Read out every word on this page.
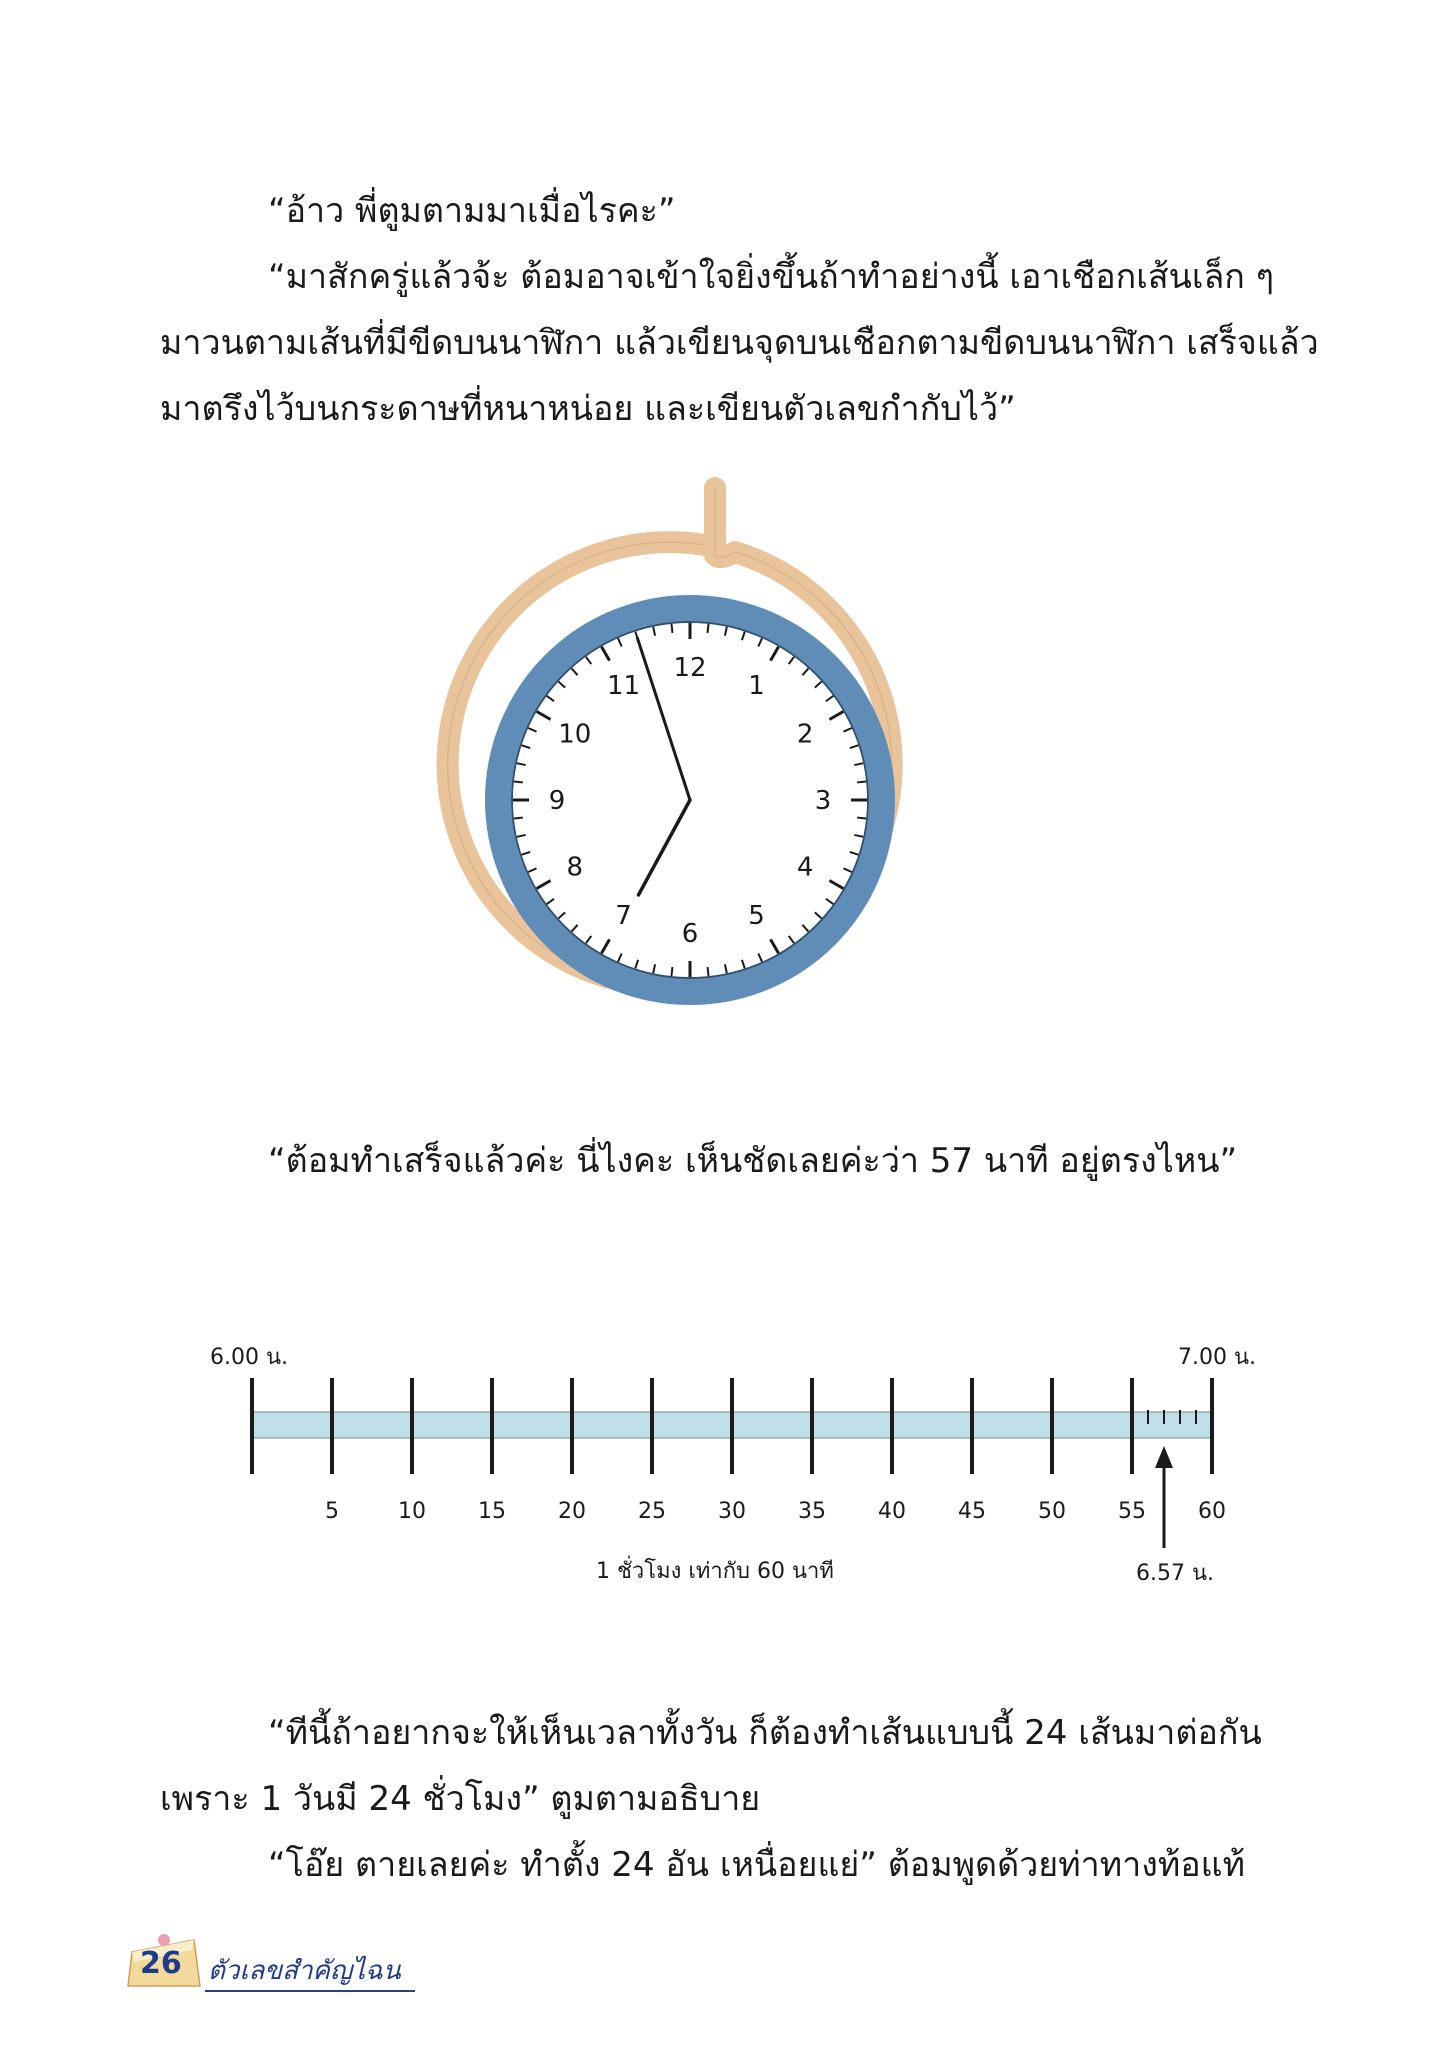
“อ้าว พี่ตูมตามมาเมื่อไรคะ”
“มาสักครู่แล้วจ้ะ ต้อมอาจเข้าใจยิ่งขึ้นถ้าทำอย่างนี้ เอาเชือกเส้นเล็ก ๆ
มาวนตามเส้นที่มีขีดบนนาฬิกา แล้วเขียนจุดบนเชือกตามขีดบนนาฬิกา เสร็จแล้ว
มาตรึงไว้บนกระดาษที่หนาหน่อย และเขียนตัวเลขกำกับไว้”
12
1
2
3
4
5
6
7
8
9
10
11
“ต้อมทำเสร็จแล้วค่ะ นี่ไงคะ เห็นชัดเลยค่ะว่า 57 นาที อยู่ตรงไหน”
6.00 น.	7.00 น.
5	10 15 20 25 30 35 40 45 50 55 60
1 ชั่วโมง เท่ากับ 60 นาที	6.57 น.
“ทีนี้ถ้าอยากจะให้เห็นเวลาทั้งวัน ก็ต้องทำเส้นแบบนี้ 24 เส้นมาต่อกัน
เพราะ 1 วันมี 24 ชั่วโมง” ตูมตามอธิบาย
“โอ๊ย ตายเลยค่ะ ทำตั้ง 24 อัน เหนื่อยแย่” ต้อมพูดด้วยท่าทางท้อแท้
26 ตัวเลขสำคัญไฉน
